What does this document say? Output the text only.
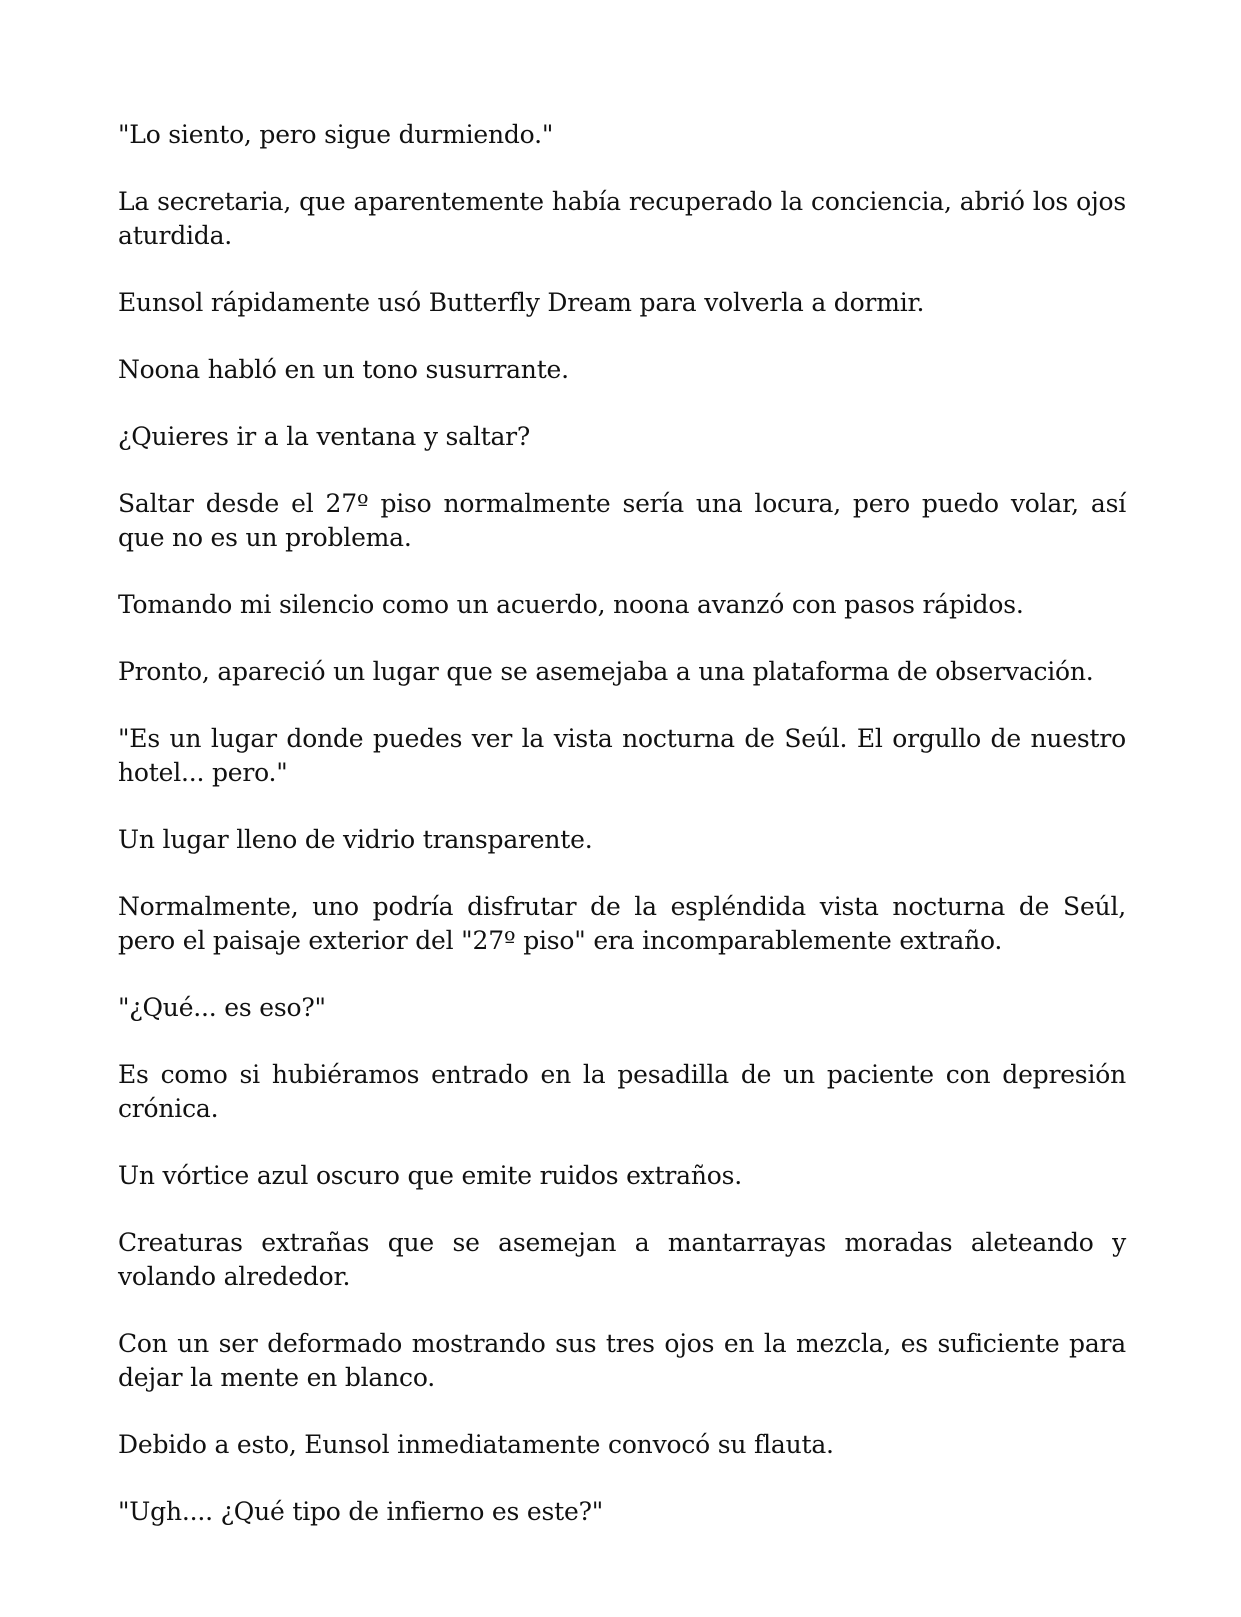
"Lo siento, pero sigue durmiendo."

La secretaria, que aparentemente había recuperado la conciencia, abrió los ojos aturdida.

Eunsol rápidamente usó Butterfly Dream para volverla a dormir.

Noona habló en un tono susurrante.

¿Quieres ir a la ventana y saltar?

Saltar desde el 27º piso normalmente sería una locura, pero puedo volar, así que no es un problema.

Tomando mi silencio como un acuerdo, noona avanzó con pasos rápidos.

Pronto, apareció un lugar que se asemejaba a una plataforma de observación.

"Es un lugar donde puedes ver la vista nocturna de Seúl. El orgullo de nuestro hotel... pero."

Un lugar lleno de vidrio transparente.

Normalmente, uno podría disfrutar de la espléndida vista nocturna de Seúl, pero el paisaje exterior del "27º piso" era incomparablemente extraño.

"¿Qué... es eso?"

Es como si hubiéramos entrado en la pesadilla de un paciente con depresión crónica.

Un vórtice azul oscuro que emite ruidos extraños.

Creaturas extrañas que se asemejan a mantarrayas moradas aleteando y volando alrededor.

Con un ser deformado mostrando sus tres ojos en la mezcla, es suficiente para dejar la mente en blanco.

Debido a esto, Eunsol inmediatamente convocó su flauta.

"Ugh.... ¿Qué tipo de infierno es este?"
